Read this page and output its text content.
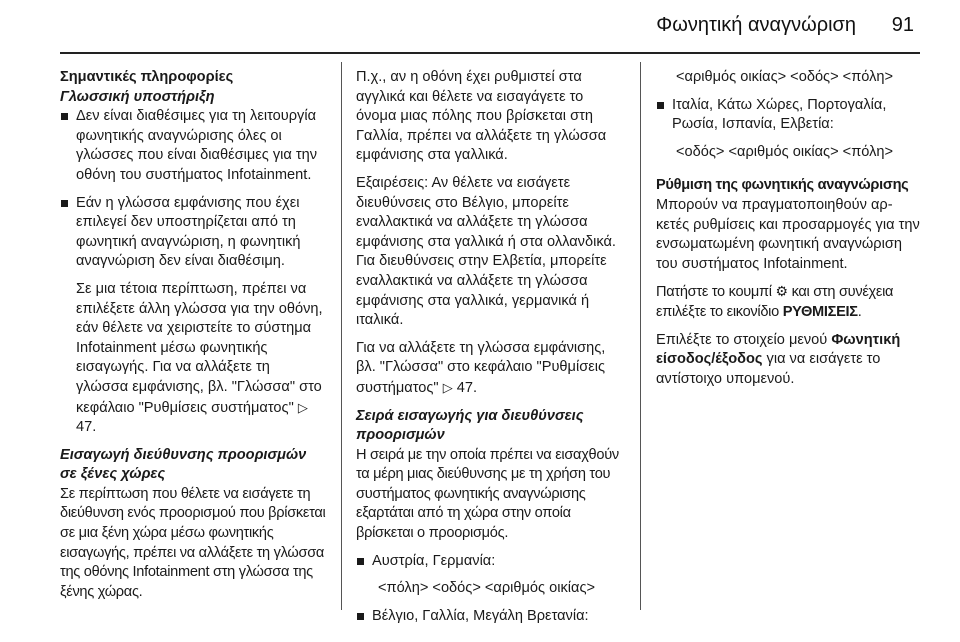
Φωνητική αναγνώριση 91

Σημαντικές πληροφορίες

Γλωσσική υποστήριξη

Δεν είναι διαθέσιμες για τη λειτουργία φωνητικής αναγνώρισης όλες οι γλώσσες που είναι διαθέσιμες για την οθόνη του συστήματος Infotainment.
Εάν η γλώσσα εμφάνισης που έχει επιλεγεί δεν υποστηρίζεται από τη φωνητική αναγνώριση, η φωνητική αναγνώριση δεν είναι διαθέσιμη.

Σε μια τέτοια περίπτωση, πρέπει να επιλέξετε άλλη γλώσσα για την οθόνη, εάν θέλετε να χειριστείτε το σύστημα Infotainment μέσω φωνητικής εισαγωγής. Για να αλλάξετε τη γλώσσα εμφάνισης, βλ. "Γλώσσα" στο κεφάλαιο "Ρυθμίσεις συστήματος" ▷ 47.

Εισαγωγή διεύθυνσης προορισμών σε ξένες χώρες

Σε περίπτωση που θέλετε να εισάγετε τη διεύθυνση ενός προορισμού που βρίσκεται σε μια ξένη χώρα μέσω φωνητικής εισαγωγής, πρέπει να αλλάξετε τη γλώσσα της οθόνης Infotainment στη γλώσσα της ξένης χώρας.

Π.χ., αν η οθόνη έχει ρυθμιστεί στα αγγλικά και θέλετε να εισαγάγετε το όνομα μιας πόλης που βρίσκεται στη Γαλλία, πρέπει να αλλάξετε τη γλώσσα εμφάνισης στα γαλλικά.

Εξαιρέσεις: Αν θέλετε να εισάγετε διευθύνσεις στο Βέλγιο, μπορείτε εναλλακτικά να αλλάξετε τη γλώσσα εμφάνισης στα γαλλικά ή στα ολλανδικά. Για διευθύνσεις στην Ελβετία, μπορείτε εναλλακτικά να αλλάξετε τη γλώσσα εμφάνισης στα γαλλικά, γερμανικά ή ιταλικά.

Για να αλλάξετε τη γλώσσα εμφάνισης, βλ. "Γλώσσα" στο κεφάλαιο "Ρυθμίσεις συστήματος" ▷ 47.

Σειρά εισαγωγής για διευθύνσεις προορισμών

Η σειρά με την οποία πρέπει να εισαχθούν τα μέρη μιας διεύθυνσης με τη χρήση του συστήματος φωνητικής αναγνώρισης εξαρτάται από τη χώρα στην οποία βρίσκεται ο προορισμός.

Αυστρία, Γερμανία:

<πόλη> <οδός> <αριθμός οικίας>

Βέλγιο, Γαλλία, Μεγάλη Βρετανία:

<αριθμός οικίας> <οδός> <πόλη>

Ιταλία, Κάτω Χώρες, Πορτογαλία, Ρωσία, Ισπανία, Ελβετία:

<οδός> <αριθμός οικίας> <πόλη>

Ρύθμιση της φωνητικής αναγνώρισης

Μπορούν να πραγματοποιηθούν αρκετές ρυθμίσεις και προσαρμογές για την ενσωματωμένη φωνητική αναγνώριση του συστήματος Infotainment.

Πατήστε το κουμπί ⚙ και στη συνέχεια επιλέξτε το εικονίδιο ΡΥΘΜΙΣΕΙΣ.

Επιλέξτε το στοιχείο μενού Φωνητική είσοδος/έξοδος για να εισάγετε το αντίστοιχο υπομενού.
